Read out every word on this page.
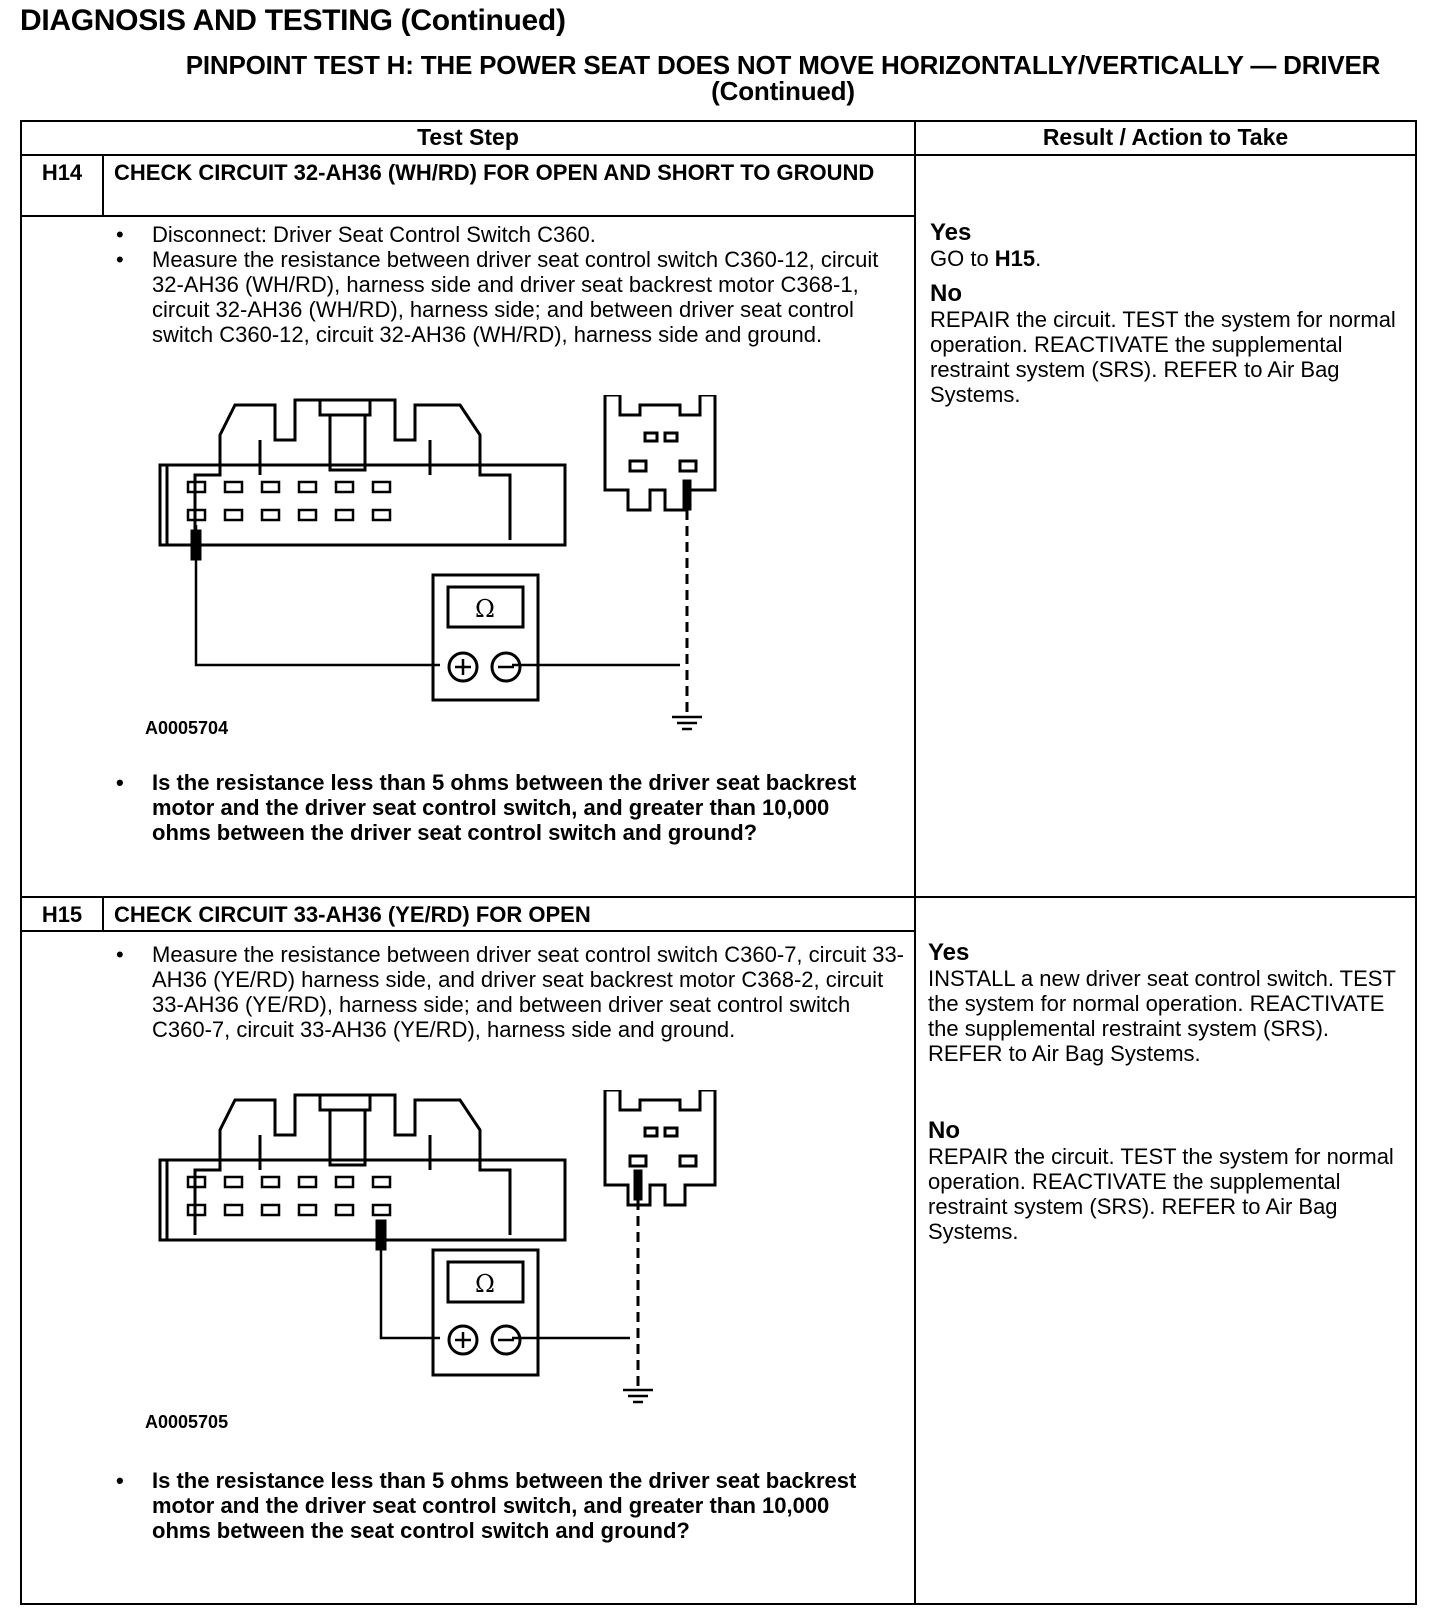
DIAGNOSIS AND TESTING (Continued)
PINPOINT TEST H: THE POWER SEAT DOES NOT MOVE HORIZONTALLY/VERTICALLY — DRIVER
(Continued)
Test Step	Result / Action to Take
H14	CHECK CIRCUIT 32-AH36 (WH/RD) FOR OPEN AND SHORT TO GROUND
• Disconnect: Driver Seat Control Switch C360.
• Measure the resistance between driver seat control switch C360-12, circuit 32-AH36 (WH/RD), harness side and driver seat backrest motor C368-1, circuit 32-AH36 (WH/RD), harness side; and between driver seat control switch C360-12, circuit 32-AH36 (WH/RD), harness side and ground.
Ω
A0005704
• Is the resistance less than 5 ohms between the driver seat backrest motor and the driver seat control switch, and greater than 10,000 ohms between the driver seat control switch and ground?
Yes
GO to H15.
No
REPAIR the circuit. TEST the system for normal operation. REACTIVATE the supplemental restraint system (SRS). REFER to Air Bag Systems.
H15	CHECK CIRCUIT 33-AH36 (YE/RD) FOR OPEN
• Measure the resistance between driver seat control switch C360-7, circuit 33-AH36 (YE/RD) harness side, and driver seat backrest motor C368-2, circuit 33-AH36 (YE/RD), harness side; and between driver seat control switch C360-7, circuit 33-AH36 (YE/RD), harness side and ground.
Ω
A0005705
• Is the resistance less than 5 ohms between the driver seat backrest motor and the driver seat control switch, and greater than 10,000 ohms between the seat control switch and ground?
Yes
INSTALL a new driver seat control switch. TEST the system for normal operation. REACTIVATE the supplemental restraint system (SRS). REFER to Air Bag Systems.
No
REPAIR the circuit. TEST the system for normal operation. REACTIVATE the supplemental restraint system (SRS). REFER to Air Bag Systems.
